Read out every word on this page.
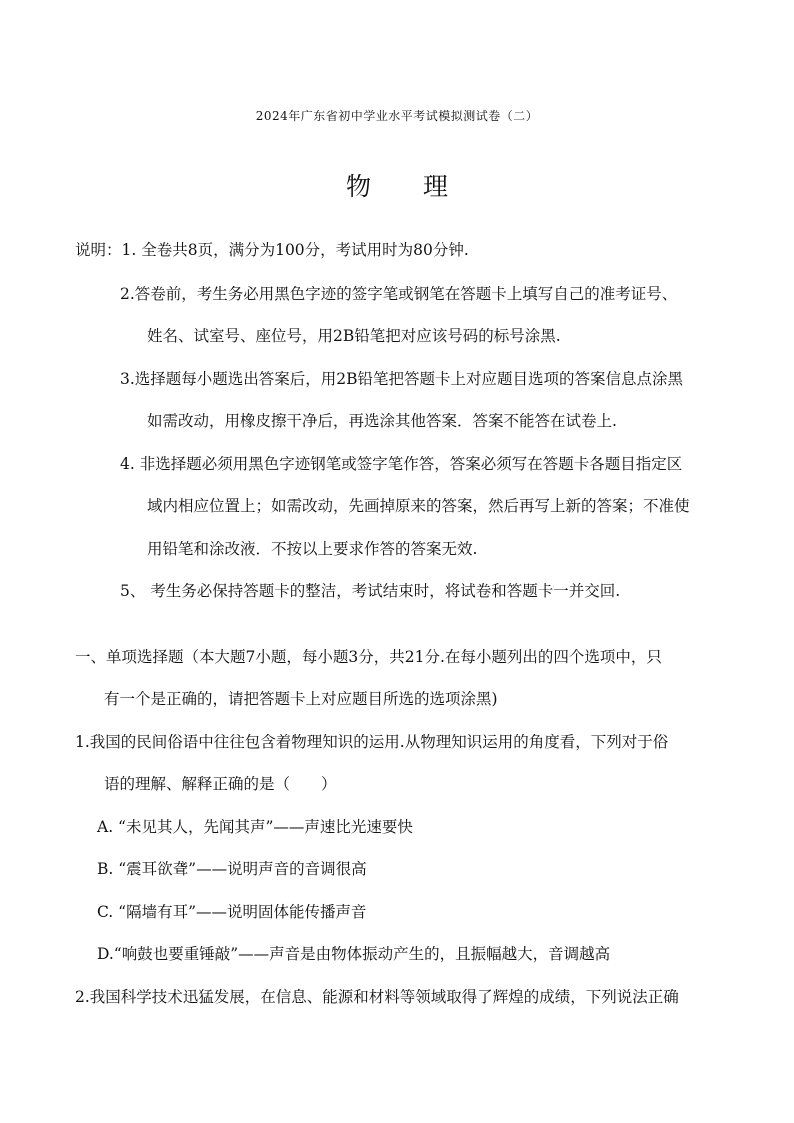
2024年广东省初中学业水平考试模拟测试卷（二）
物 理
说明：1. 全卷共8页，满分为100分，考试用时为80分钟.
2.答卷前，考生务必用黑色字迹的签字笔或钢笔在答题卡上填写自己的准考证号、
姓名、试室号、座位号，用2B铅笔把对应该号码的标号涂黑.
3.选择题每小题选出答案后，用2B铅笔把答题卡上对应题目选项的答案信息点涂黑
如需改动，用橡皮擦干净后，再选涂其他答案．答案不能答在试卷上.
4. 非选择题必须用黑色字迹钢笔或签字笔作答，答案必须写在答题卡各题目指定区
域内相应位置上；如需改动，先画掉原来的答案，然后再写上新的答案；不准使
用铅笔和涂改液．不按以上要求作答的答案无效.
5、 考生务必保持答题卡的整洁，考试结束时，将试卷和答题卡一并交回.
一、单项选择题（本大题7小题，每小题3分，共21分.在每小题列出的四个选项中，只
有一个是正确的，请把答题卡上对应题目所选的选项涂黑)
1.我国的民间俗语中往往包含着物理知识的运用.从物理知识运用的角度看，下列对于俗
语的理解、解释正确的是（　　）
A. “未见其人，先闻其声”——声速比光速要快
B. “震耳欲聋”——说明声音的音调很高
C. “隔墙有耳”——说明固体能传播声音
D.“响鼓也要重锤敲”——声音是由物体振动产生的，且振幅越大，音调越高
2.我国科学技术迅猛发展，在信息、能源和材料等领域取得了辉煌的成绩，下列说法正确
